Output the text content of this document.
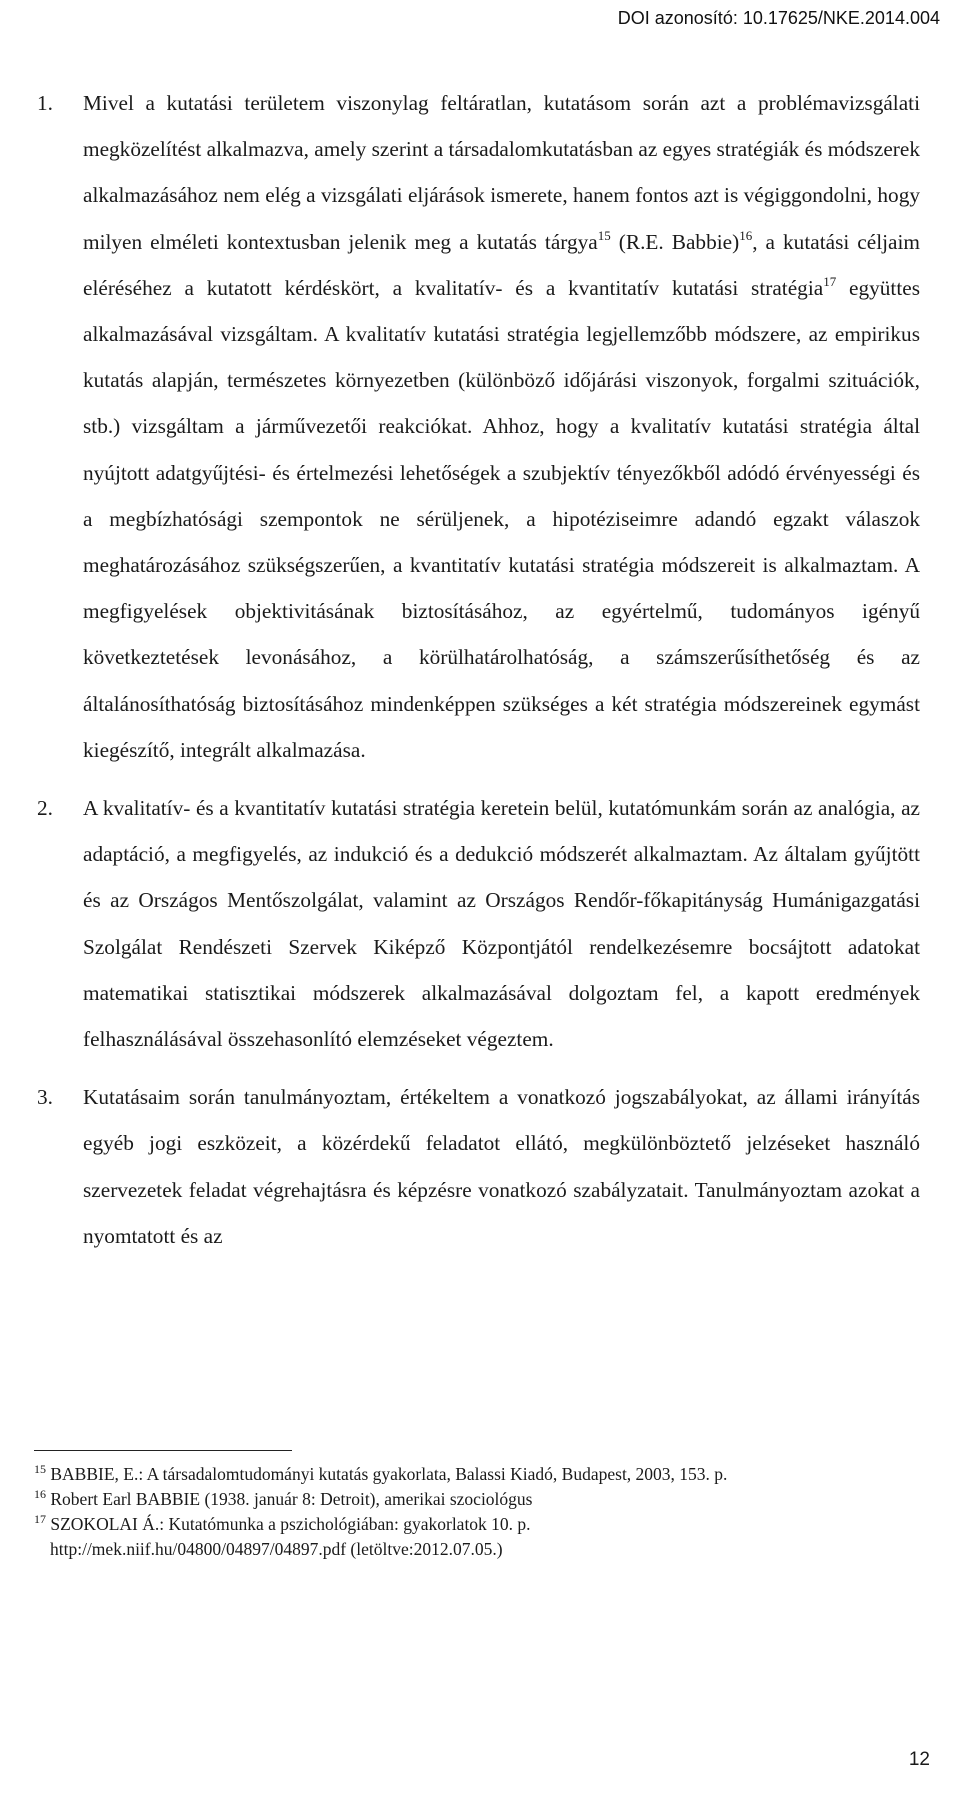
DOI azonosító: 10.17625/NKE.2014.004
1. Mivel a kutatási területem viszonylag feltáratlan, kutatásom során azt a problémavizsgálati megközelítést alkalmazva, amely szerint a társadalomkutatásban az egyes stratégiák és módszerek alkalmazásához nem elég a vizsgálati eljárások ismerete, hanem fontos azt is végiggondolni, hogy milyen elméleti kontextusban jelenik meg a kutatás tárgya$^{15}$ (R.E. Babbie)$^{16}$, a kutatási céljaim eléréséhez a kutatott kérdéskört, a kvalitatív- és a kvantitatív kutatási stratégia$^{17}$ együttes alkalmazásával vizsgáltam. A kvalitatív kutatási stratégia legjellemzőbb módszere, az empirikus kutatás alapján, természetes környezetben (különböző időjárási viszonyok, forgalmi szituációk, stb.) vizsgáltam a járművezetői reakciókat. Ahhoz, hogy a kvalitatív kutatási stratégia által nyújtott adatgyűjtési- és értelmezési lehetőségek a szubjektív tényezőkből adódó érvényességi és a megbízhatósági szempontok ne sérüljenek, a hipotéziseimre adandó egzakt válaszok meghatározásához szükségszerűen, a kvantitatív kutatási stratégia módszereit is alkalmaztam. A megfigyelések objektivitásának biztosításához, az egyértelmű, tudományos igényű következtetések levonásához, a körülhatárolhatóság, a számszerűsíthetőség és az általánosíthatóság biztosításához mindenképpen szükséges a két stratégia módszereinek egymást kiegészítő, integrált alkalmazása.
2. A kvalitatív- és a kvantitatív kutatási stratégia keretein belül, kutatómunkám során az analógia, az adaptáció, a megfigyelés, az indukció és a dedukció módszerét alkalmaztam. Az általam gyűjtött és az Országos Mentőszolgálat, valamint az Országos Rendőr-főkapitányság Humánigazgatási Szolgálat Rendészeti Szervek Kiképző Központjától rendelkezésemre bocsájtott adatokat matematikai statisztikai módszerek alkalmazásával dolgoztam fel, a kapott eredmények felhasználásával összehasonlító elemzéseket végeztem.
3. Kutatásaim során tanulmányoztam, értékeltem a vonatkozó jogszabályokat, az állami irányítás egyéb jogi eszközeit, a közérdekű feladatot ellátó, megkülönböztető jelzéseket használó szervezetek feladat végrehajtásra és képzésre vonatkozó szabályzatait. Tanulmányoztam azokat a nyomtatott és az
$^{15}$ BABBIE, E.: A társadalomtudományi kutatás gyakorlata, Balassi Kiadó, Budapest, 2003, 153. p.
$^{16}$ Robert Earl BABBIE (1938. január 8: Detroit), amerikai szociológus
$^{17}$ SZOKOLAI Á.: Kutatómunka a pszichológiában: gyakorlatok 10. p.
http://mek.niif.hu/04800/04897/04897.pdf (letöltve:2012.07.05.)
12
